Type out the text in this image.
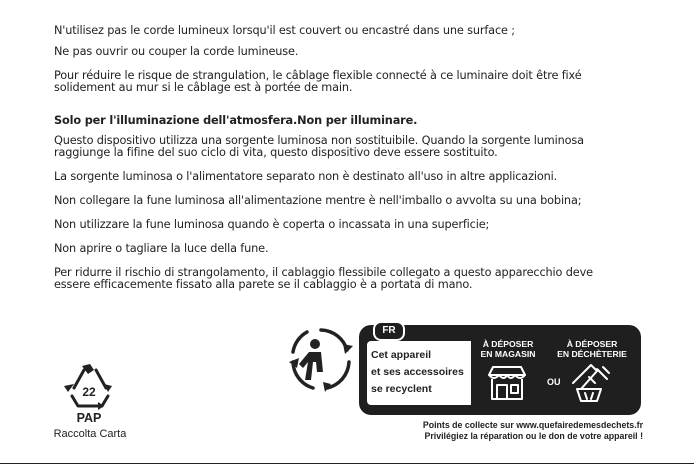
N'utilisez pas le corde lumineux lorsqu'il est couvert ou encastré dans une surface ;
Ne pas ouvrir ou couper la corde lumineuse.
Pour réduire le risque de strangulation, le câblage flexible connecté à ce luminaire doit être fixé
solidement au mur si le câblage est à portée de main.
Solo per l'illuminazione dell'atmosfera.Non per illuminare.
Questo dispositivo utilizza una sorgente luminosa non sostituibile. Quando la sorgente luminosa
raggiunge la fifine del suo ciclo di vita, questo dispositivo deve essere sostituito.
La sorgente luminosa o l'alimentatore separato non è destinato all'uso in altre applicazioni.
Non collegare la fune luminosa all'alimentazione mentre è nell'imballo o avvolta su una bobina;
Non utilizzare la fune luminosa quando è coperta o incassata in una superficie;
Non aprire o tagliare la luce della fune.
Per ridurre il rischio di strangolamento, il cablaggio flessibile collegato a questo apparecchio deve
essere efficacemente fissato alla parete se il cablaggio è a portata di mano.
22
PAP
Raccolta Carta
FR
Cet appareil
et ses accessoires
se recyclent
À DÉPOSER
EN MAGASIN
À DÉPOSER
EN DÉCHÈTERIE
OU
Points de collecte sur www.quefairedemesdechets.fr
Privilégiez la réparation ou le don de votre appareil !
